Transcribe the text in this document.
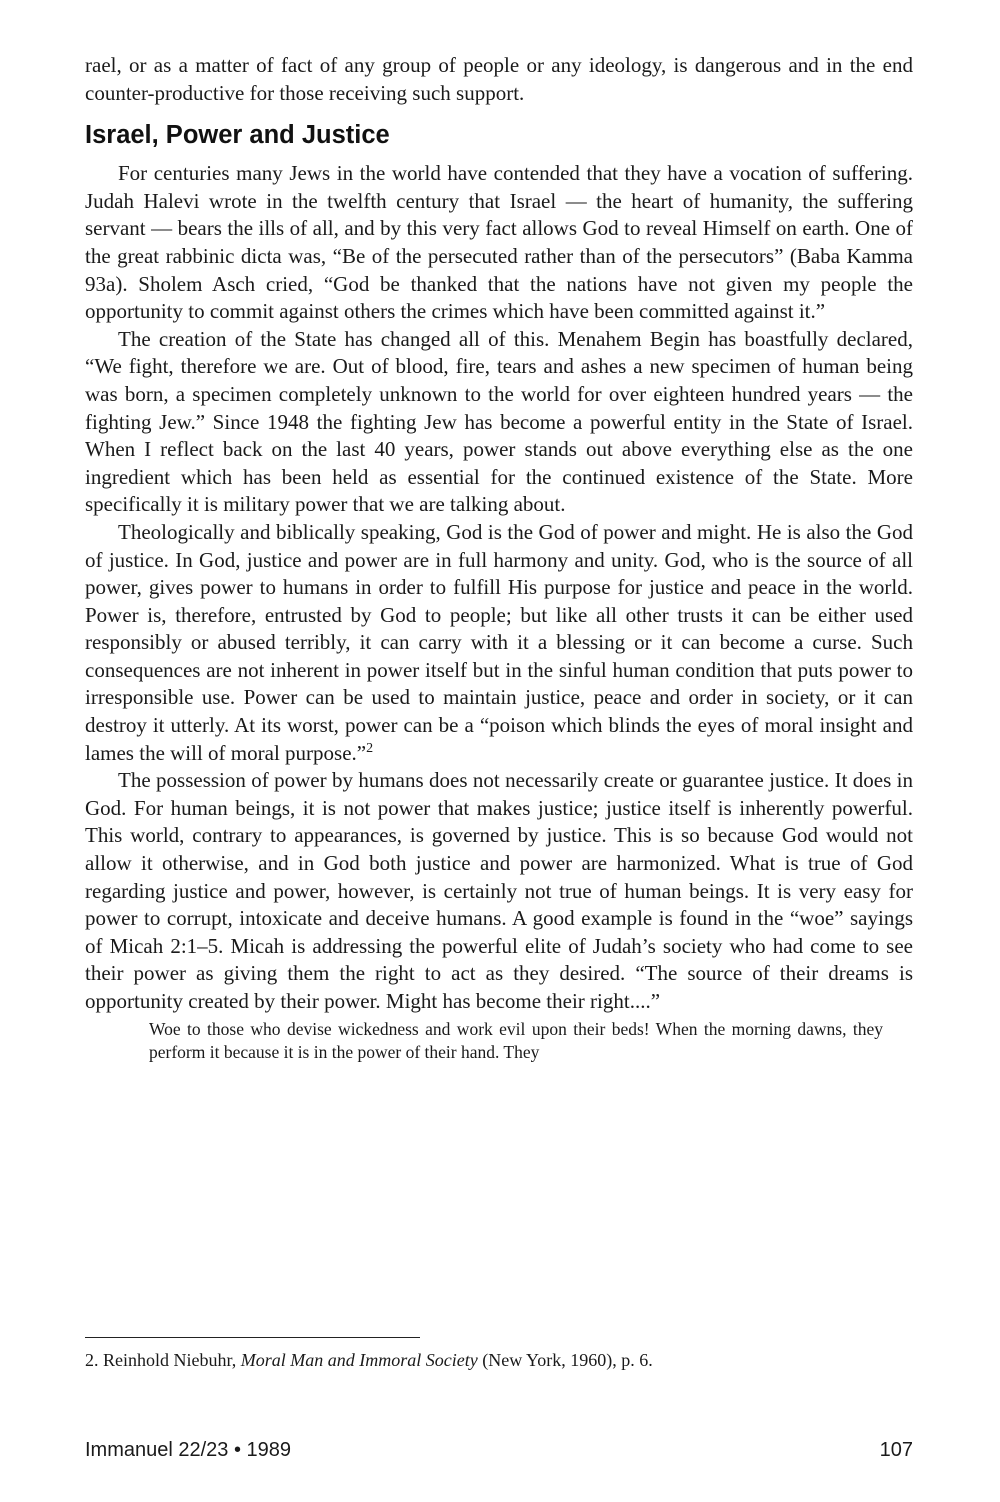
rael, or as a matter of fact of any group of people or any ideology, is dangerous and in the end counter-productive for those receiving such support.

Israel, Power and Justice

For centuries many Jews in the world have contended that they have a vocation of suffering. Judah Halevi wrote in the twelfth century that Israel — the heart of humanity, the suffering servant — bears the ills of all, and by this very fact allows God to reveal Himself on earth. One of the great rabbinic dicta was, “Be of the persecuted rather than of the persecutors” (Baba Kamma 93a). Sholem Asch cried, “God be thanked that the nations have not given my people the opportunity to commit against others the crimes which have been committed against it.”

The creation of the State has changed all of this. Menahem Begin has boastfully declared, “We fight, therefore we are. Out of blood, fire, tears and ashes a new specimen of human being was born, a specimen completely unknown to the world for over eighteen hundred years — the fighting Jew.” Since 1948 the fighting Jew has become a powerful entity in the State of Israel. When I reflect back on the last 40 years, power stands out above everything else as the one ingredient which has been held as essential for the continued existence of the State. More specifically it is military power that we are talking about.

Theologically and biblically speaking, God is the God of power and might. He is also the God of justice. In God, justice and power are in full harmony and unity. God, who is the source of all power, gives power to humans in order to fulfill His purpose for justice and peace in the world. Power is, therefore, entrusted by God to people; but like all other trusts it can be either used responsibly or abused terribly, it can carry with it a blessing or it can become a curse. Such consequences are not inherent in power itself but in the sinful human condition that puts power to irresponsible use. Power can be used to maintain justice, peace and order in society, or it can destroy it utterly. At its worst, power can be a “poison which blinds the eyes of moral insight and lames the will of moral purpose.”$^2$

The possession of power by humans does not necessarily create or guarantee justice. It does in God. For human beings, it is not power that makes justice; justice itself is inherently powerful. This world, contrary to appearances, is governed by justice. This is so because God would not allow it otherwise, and in God both justice and power are harmonized. What is true of God regarding justice and power, however, is certainly not true of human beings. It is very easy for power to corrupt, intoxicate and deceive humans. A good example is found in the “woe” sayings of Micah 2:1–5. Micah is addressing the powerful elite of Judah’s society who had come to see their power as giving them the right to act as they desired. “The source of their dreams is opportunity created by their power. Might has become their right....”

Woe to those who devise wickedness and work evil upon their beds! When the morning dawns, they perform it because it is in the power of their hand. They

2. Reinhold Niebuhr, Moral Man and Immoral Society (New York, 1960), p. 6.
Immanuel 22/23 • 1989	107
